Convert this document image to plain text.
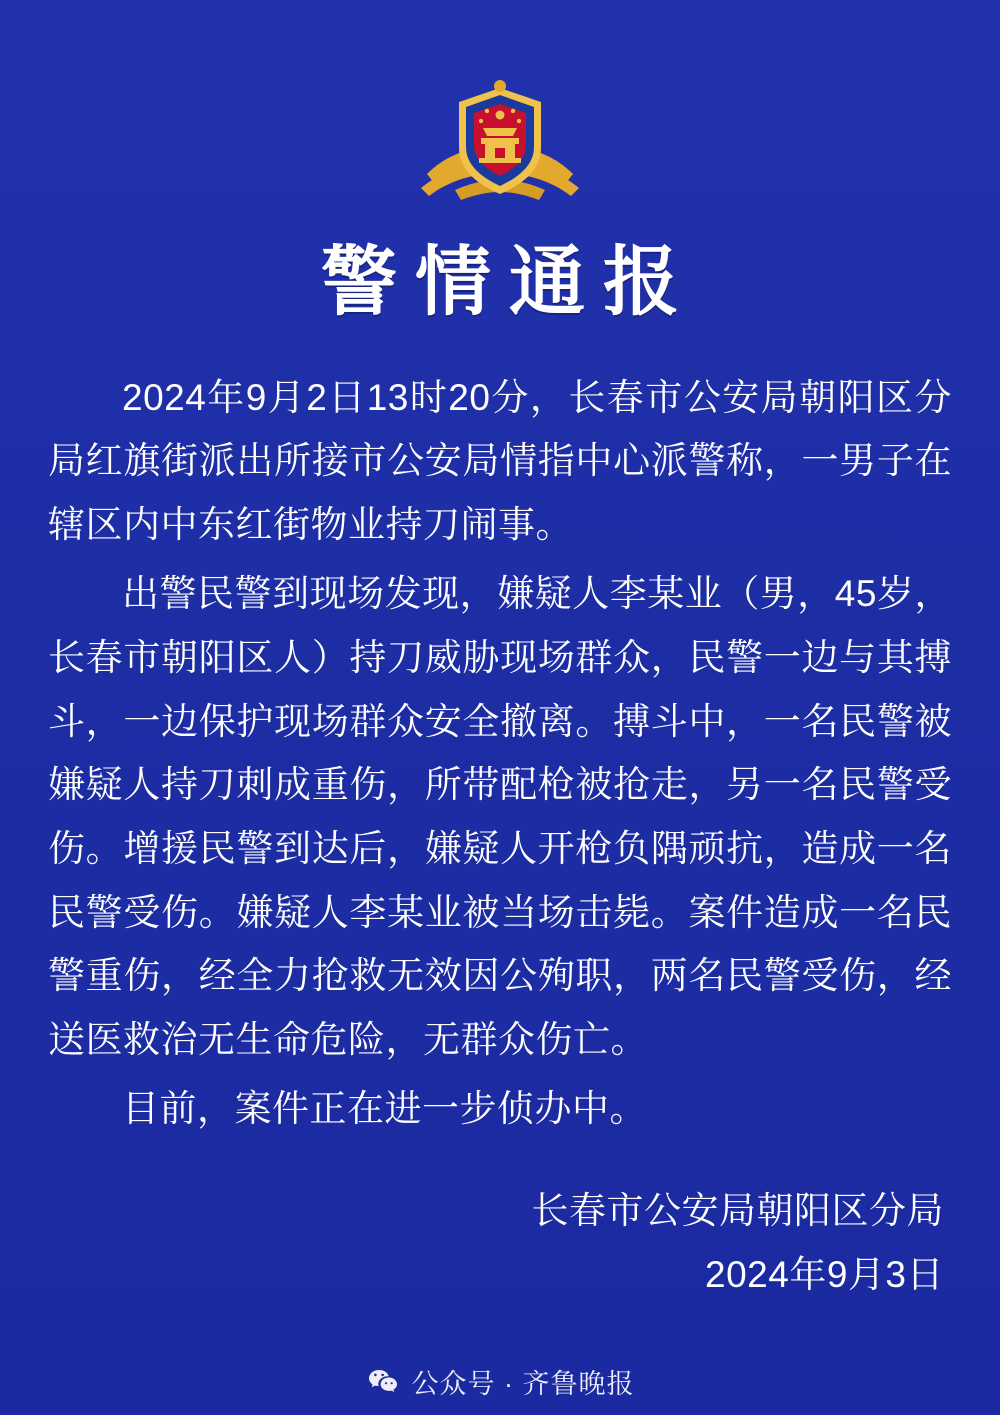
警情通报

2024年9月2日13时20分，长春市公安局朝阳区分局红旗街派出所接市公安局情指中心派警称，一男子在辖区内中东红街物业持刀闹事。

出警民警到现场发现，嫌疑人李某业（男，45岁，长春市朝阳区人）持刀威胁现场群众，民警一边与其搏斗，一边保护现场群众安全撤离。搏斗中，一名民警被嫌疑人持刀刺成重伤，所带配枪被抢走，另一名民警受伤。增援民警到达后，嫌疑人开枪负隅顽抗，造成一名民警受伤。嫌疑人李某业被当场击毙。案件造成一名民警重伤，经全力抢救无效因公殉职，两名民警受伤，经送医救治无生命危险，无群众伤亡。

目前，案件正在进一步侦办中。

长春市公安局朝阳区分局
2024年9月3日
公众号 · 齐鲁晚报
